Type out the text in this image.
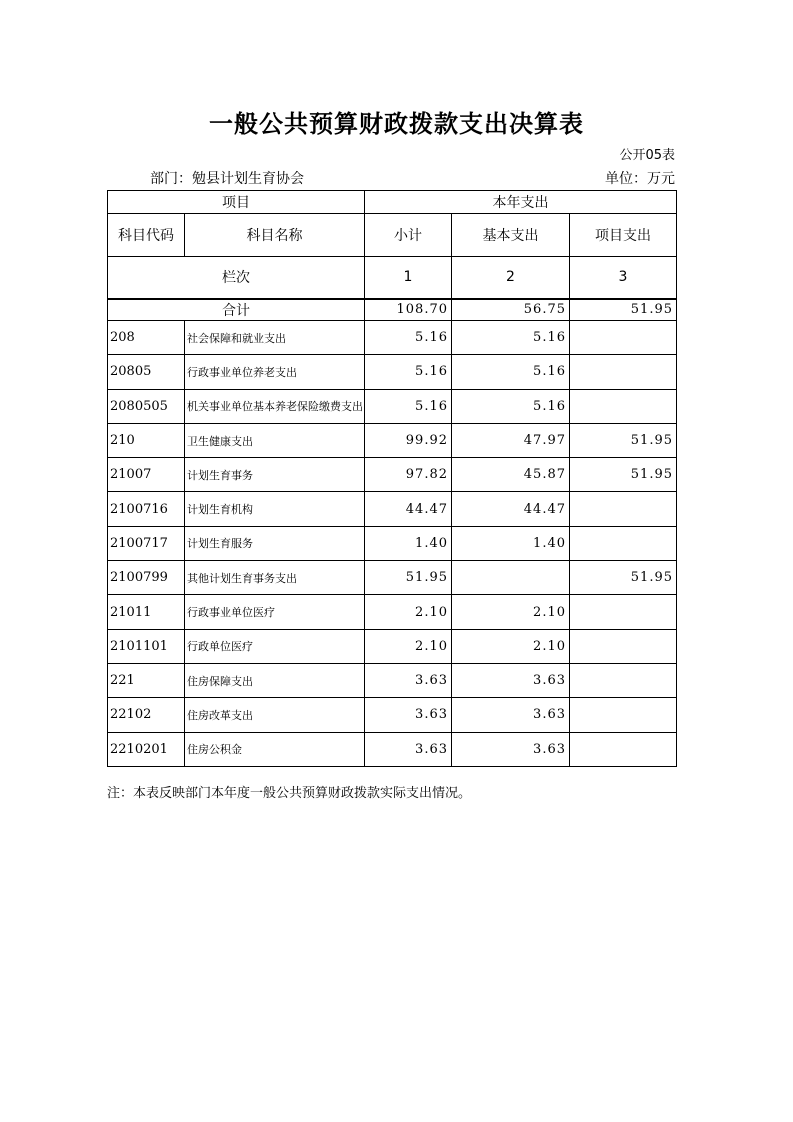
一般公共预算财政拨款支出决算表
公开05表
部门：勉县计划生育协会	单位：万元
项目		本年支出		
科目代码	科目名称	小计	基本支出	项目支出
栏次		1	2	3
合计		108.70	56.75	51.95
208	社会保障和就业支出	5.16	5.16	
20805	行政事业单位养老支出	5.16	5.16	
2080505	机关事业单位基本养老保险缴费支出	5.16	5.16	
210	卫生健康支出	99.92	47.97	51.95
21007	计划生育事务	97.82	45.87	51.95
2100716	计划生育机构	44.47	44.47	
2100717	计划生育服务	1.40	1.40	
2100799	其他计划生育事务支出	51.95		51.95
21011	行政事业单位医疗	2.10	2.10	
2101101	行政单位医疗	2.10	2.10	
221	住房保障支出	3.63	3.63	
22102	住房改革支出	3.63	3.63	
2210201	住房公积金	3.63	3.63	
注：本表反映部门本年度一般公共预算财政拨款实际支出情况。
